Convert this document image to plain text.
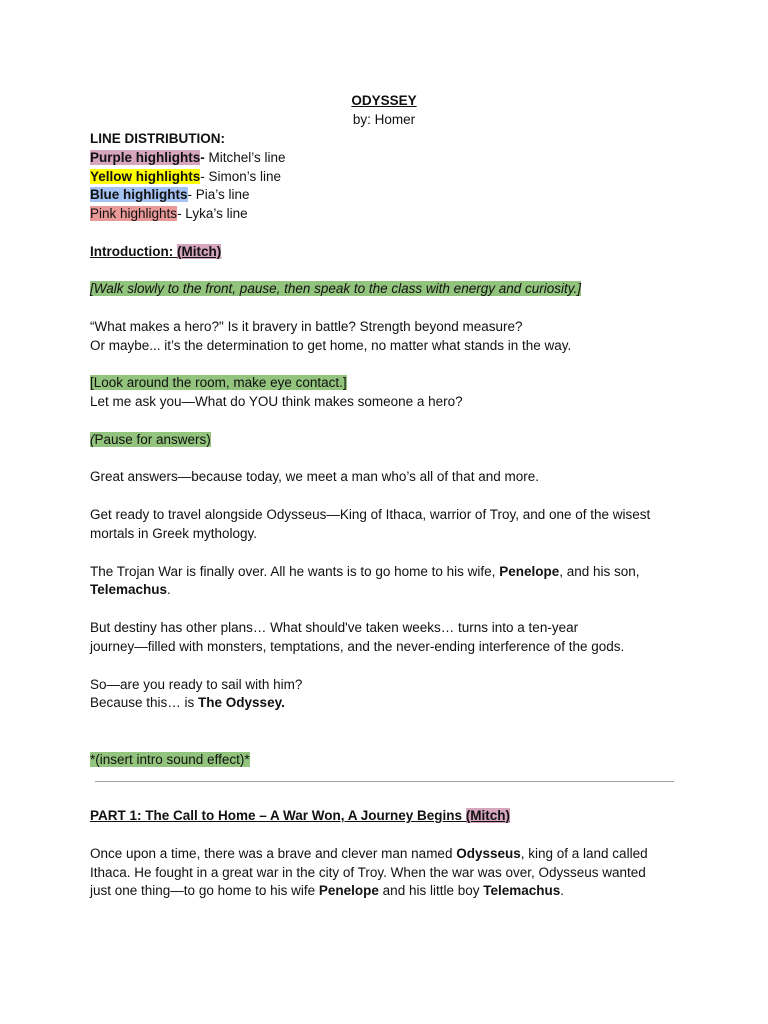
ODYSSEY
by: Homer
LINE DISTRIBUTION:
Purple highlights- Mitchel’s line
Yellow highlights- Simon’s line
Blue highlights- Pia’s line
Pink highlights- Lyka’s line
Introduction: (Mitch)
[Walk slowly to the front, pause, then speak to the class with energy and curiosity.]
“What makes a hero?" Is it bravery in battle? Strength beyond measure?
Or maybe... it’s the determination to get home, no matter what stands in the way.
[Look around the room, make eye contact.]
Let me ask you—What do YOU think makes someone a hero?
(Pause for answers)
Great answers—because today, we meet a man who’s all of that and more.
Get ready to travel alongside Odysseus—King of Ithaca, warrior of Troy, and one of the wisest
mortals in Greek mythology.
The Trojan War is finally over. All he wants is to go home to his wife, Penelope, and his son,
Telemachus.
But destiny has other plans… What should've taken weeks… turns into a ten-year
journey—filled with monsters, temptations, and the never-ending interference of the gods.
So—are you ready to sail with him?
Because this… is The Odyssey.
*(insert intro sound effect)*
PART 1: The Call to Home – A War Won, A Journey Begins (Mitch)
Once upon a time, there was a brave and clever man named Odysseus, king of a land called
Ithaca. He fought in a great war in the city of Troy. When the war was over, Odysseus wanted
just one thing—to go home to his wife Penelope and his little boy Telemachus.
